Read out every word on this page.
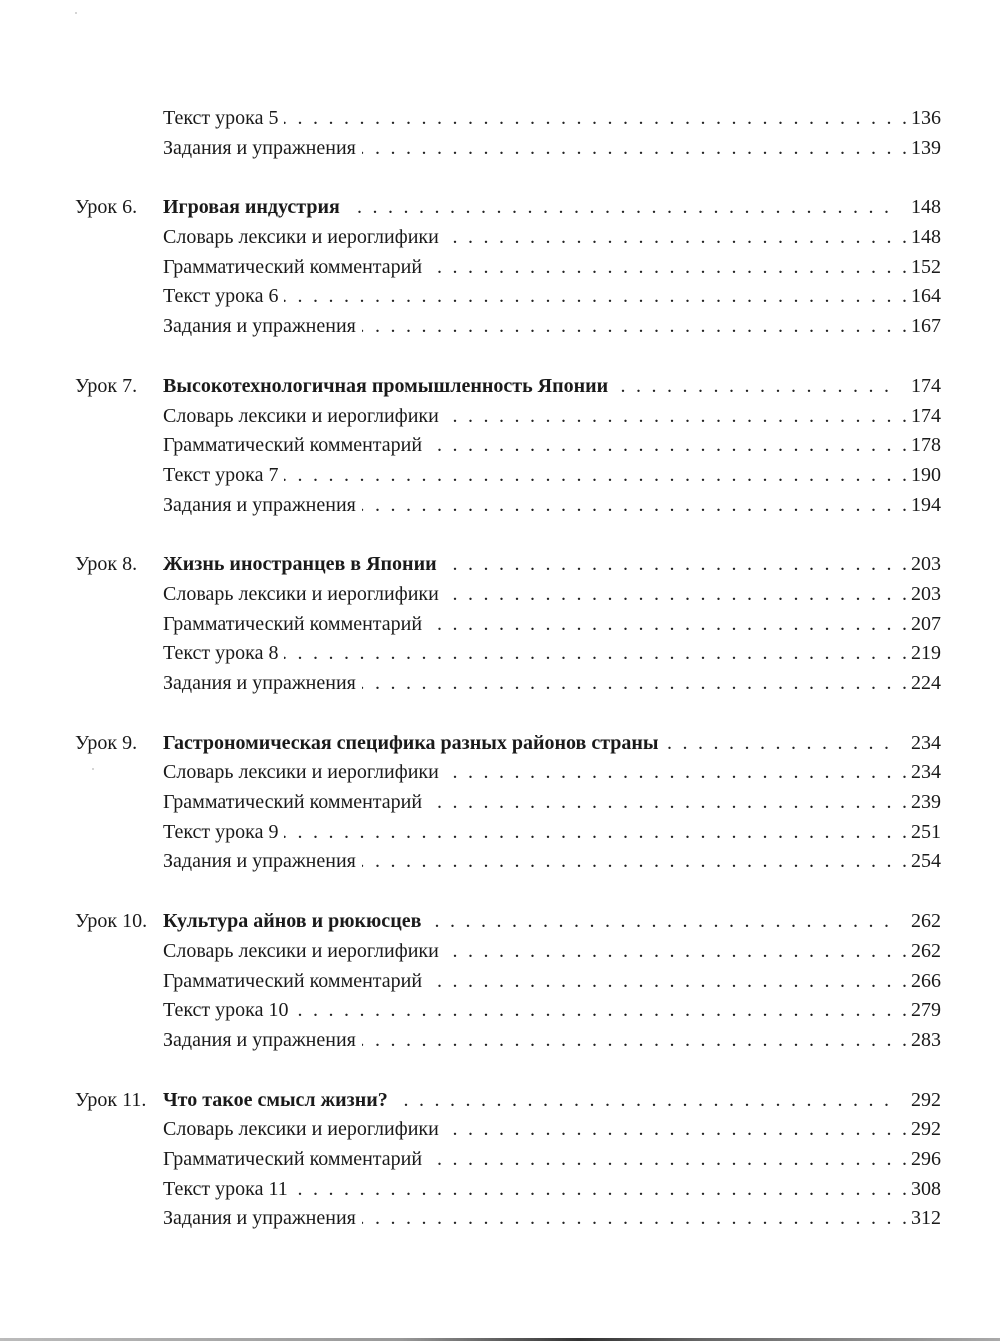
Текст урока 5 . . .	136
Задания и упражнения . . .	139
Урок 6.	Игровая индустрия . . .	148
Словарь лексики и иероглифики . . .	148
Грамматический комментарий . . .	152
Текст урока 6 . . .	164
Задания и упражнения . . .	167
Урок 7.	Высокотехнологичная промышленность Японии . . .	174
Словарь лексики и иероглифики . . .	174
Грамматический комментарий . . .	178
Текст урока 7 . . .	190
Задания и упражнения . . .	194
Урок 8.	Жизнь иностранцев в Японии . . .	203
Словарь лексики и иероглифики . . .	203
Грамматический комментарий . . .	207
Текст урока 8 . . .	219
Задания и упражнения . . .	224
Урок 9.	Гастрономическая специфика разных районов страны . . .	234
Словарь лексики и иероглифики . . .	234
Грамматический комментарий . . .	239
Текст урока 9 . . .	251
Задания и упражнения . . .	254
Урок 10. Культура айнов и рюкюсцев . . .	262
Словарь лексики и иероглифики . . .	262
Грамматический комментарий . . .	266
Текст урока 10 . . .	279
Задания и упражнения . . .	283
Урок 11. Что такое смысл жизни? . . .	292
Словарь лексики и иероглифики . . .	292
Грамматический комментарий . . .	296
Текст урока 11 . . .	308
Задания и упражнения . . .	312
